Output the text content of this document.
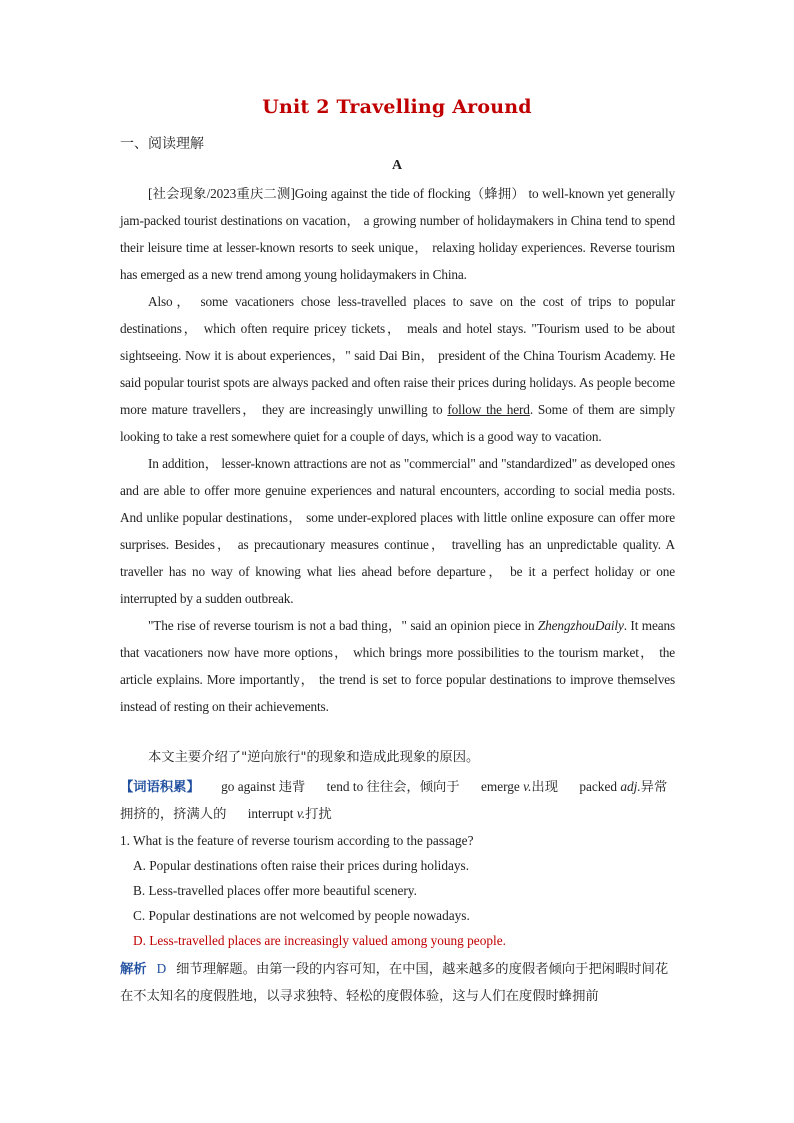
Unit 2 Travelling Around
一、阅读理解
A

[社会现象/2023重庆二测]Going against the tide of flocking（蜂拥） to well-known yet generally jam-packed tourist destinations on vacation， a growing number of holidaymakers in China tend to spend their leisure time at lesser-known resorts to seek unique， relaxing holiday experiences. Reverse tourism has emerged as a new trend among young holidaymakers in China.

Also， some vacationers chose less-travelled places to save on the cost of trips to popular destinations， which often require pricey tickets， meals and hotel stays. "Tourism used to be about sightseeing. Now it is about experiences，" said Dai Bin， president of the China Tourism Academy. He said popular tourist spots are always packed and often raise their prices during holidays. As people become more mature travellers， they are increasingly unwilling to follow the herd. Some of them are simply looking to take a rest somewhere quiet for a couple of days, which is a good way to vacation.

In addition， lesser-known attractions are not as "commercial" and "standardized" as developed ones and are able to offer more genuine experiences and natural encounters, according to social media posts. And unlike popular destinations， some under-explored places with little online exposure can offer more surprises. Besides， as precautionary measures continue， travelling has an unpredictable quality. A traveller has no way of knowing what lies ahead before departure， be it a perfect holiday or one interrupted by a sudden outbreak.

"The rise of reverse tourism is not a bad thing，" said an opinion piece in ZhengzhouDaily. It means that vacationers now have more options， which brings more possibilities to the tourism market， the article explains. More importantly， the trend is set to force popular destinations to improve themselves instead of resting on their achievements.

本文主要介绍了"逆向旅行"的现象和造成此现象的原因。
【词语积累】 go against 违背 tend to 往往会，倾向于 emerge v.出现 packed adj.异常拥挤的，挤满人的 interrupt v.打扰
1. What is the feature of reverse tourism according to the passage?
A. Popular destinations often raise their prices during holidays.
B. Less-travelled places offer more beautiful scenery.
C. Popular destinations are not welcomed by people nowadays.
D. Less-travelled places are increasingly valued among young people.
解析 D 细节理解题。由第一段的内容可知，在中国，越来越多的度假者倾向于把闲暇时间花在不太知名的度假胜地，以寻求独特、轻松的度假体验，这与人们在度假时蜂拥前
